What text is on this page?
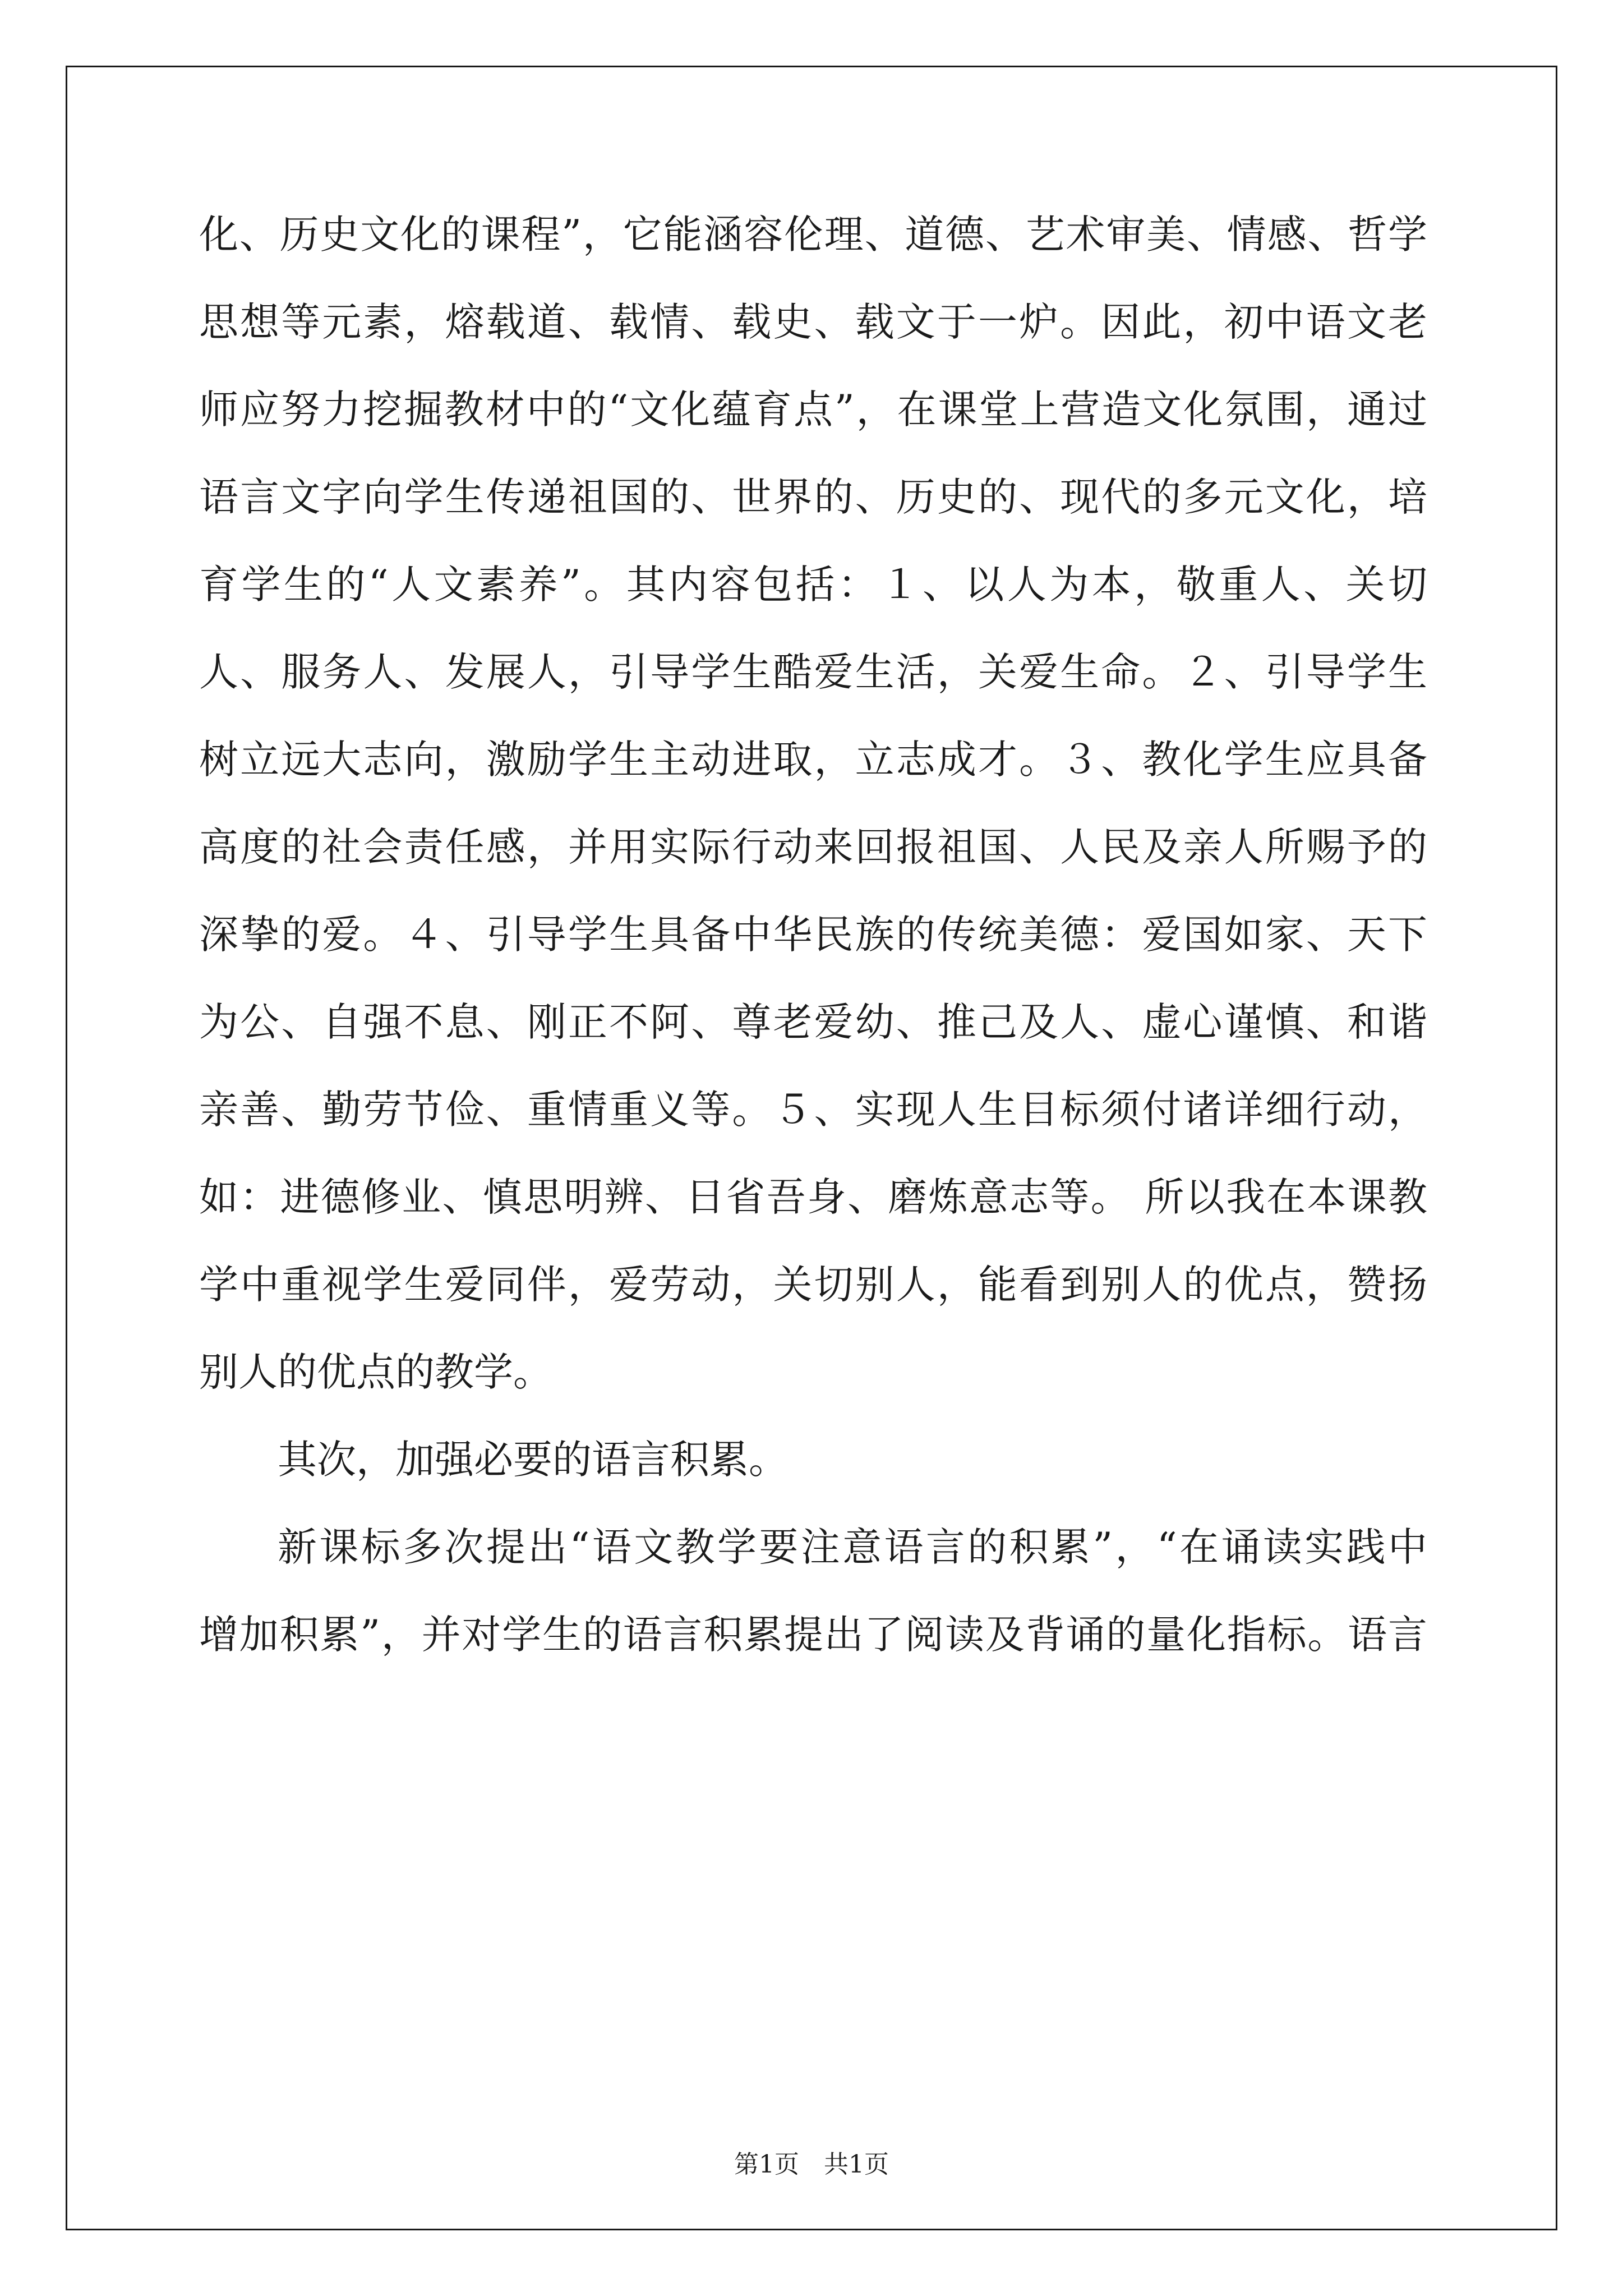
化、历史文化的课程”，它能涵容伦理、道德、艺术审美、情感、哲学
思想等元素，熔载道、载情、载史、载文于一炉。因此，初中语文老
师应努力挖掘教材中的“文化蕴育点”，在课堂上营造文化氛围，通过
语言文字向学生传递祖国的、世界的、历史的、现代的多元文化，培
育学生的“人文素养”。其内容包括：１、以人为本，敬重人、关切
人、服务人、发展人，引导学生酷爱生活，关爱生命。２、引导学生
树立远大志向，激励学生主动进取，立志成才。３、教化学生应具备
高度的社会责任感，并用实际行动来回报祖国、人民及亲人所赐予的
深挚的爱。４、引导学生具备中华民族的传统美德：爱国如家、天下
为公、自强不息、刚正不阿、尊老爱幼、推己及人、虚心谨慎、和谐
亲善、勤劳节俭、重情重义等。５、实现人生目标须付诸详细行动，
如：进德修业、慎思明辨、日省吾身、磨炼意志等。 所以我在本课教
学中重视学生爱同伴，爱劳动，关切别人，能看到别人的优点，赞扬
别人的优点的教学。
其次，加强必要的语言积累。
新课标多次提出“语文教学要注意语言的积累”，“在诵读实践中
增加积累”，并对学生的语言积累提出了阅读及背诵的量化指标。语言
第1页　共1页
